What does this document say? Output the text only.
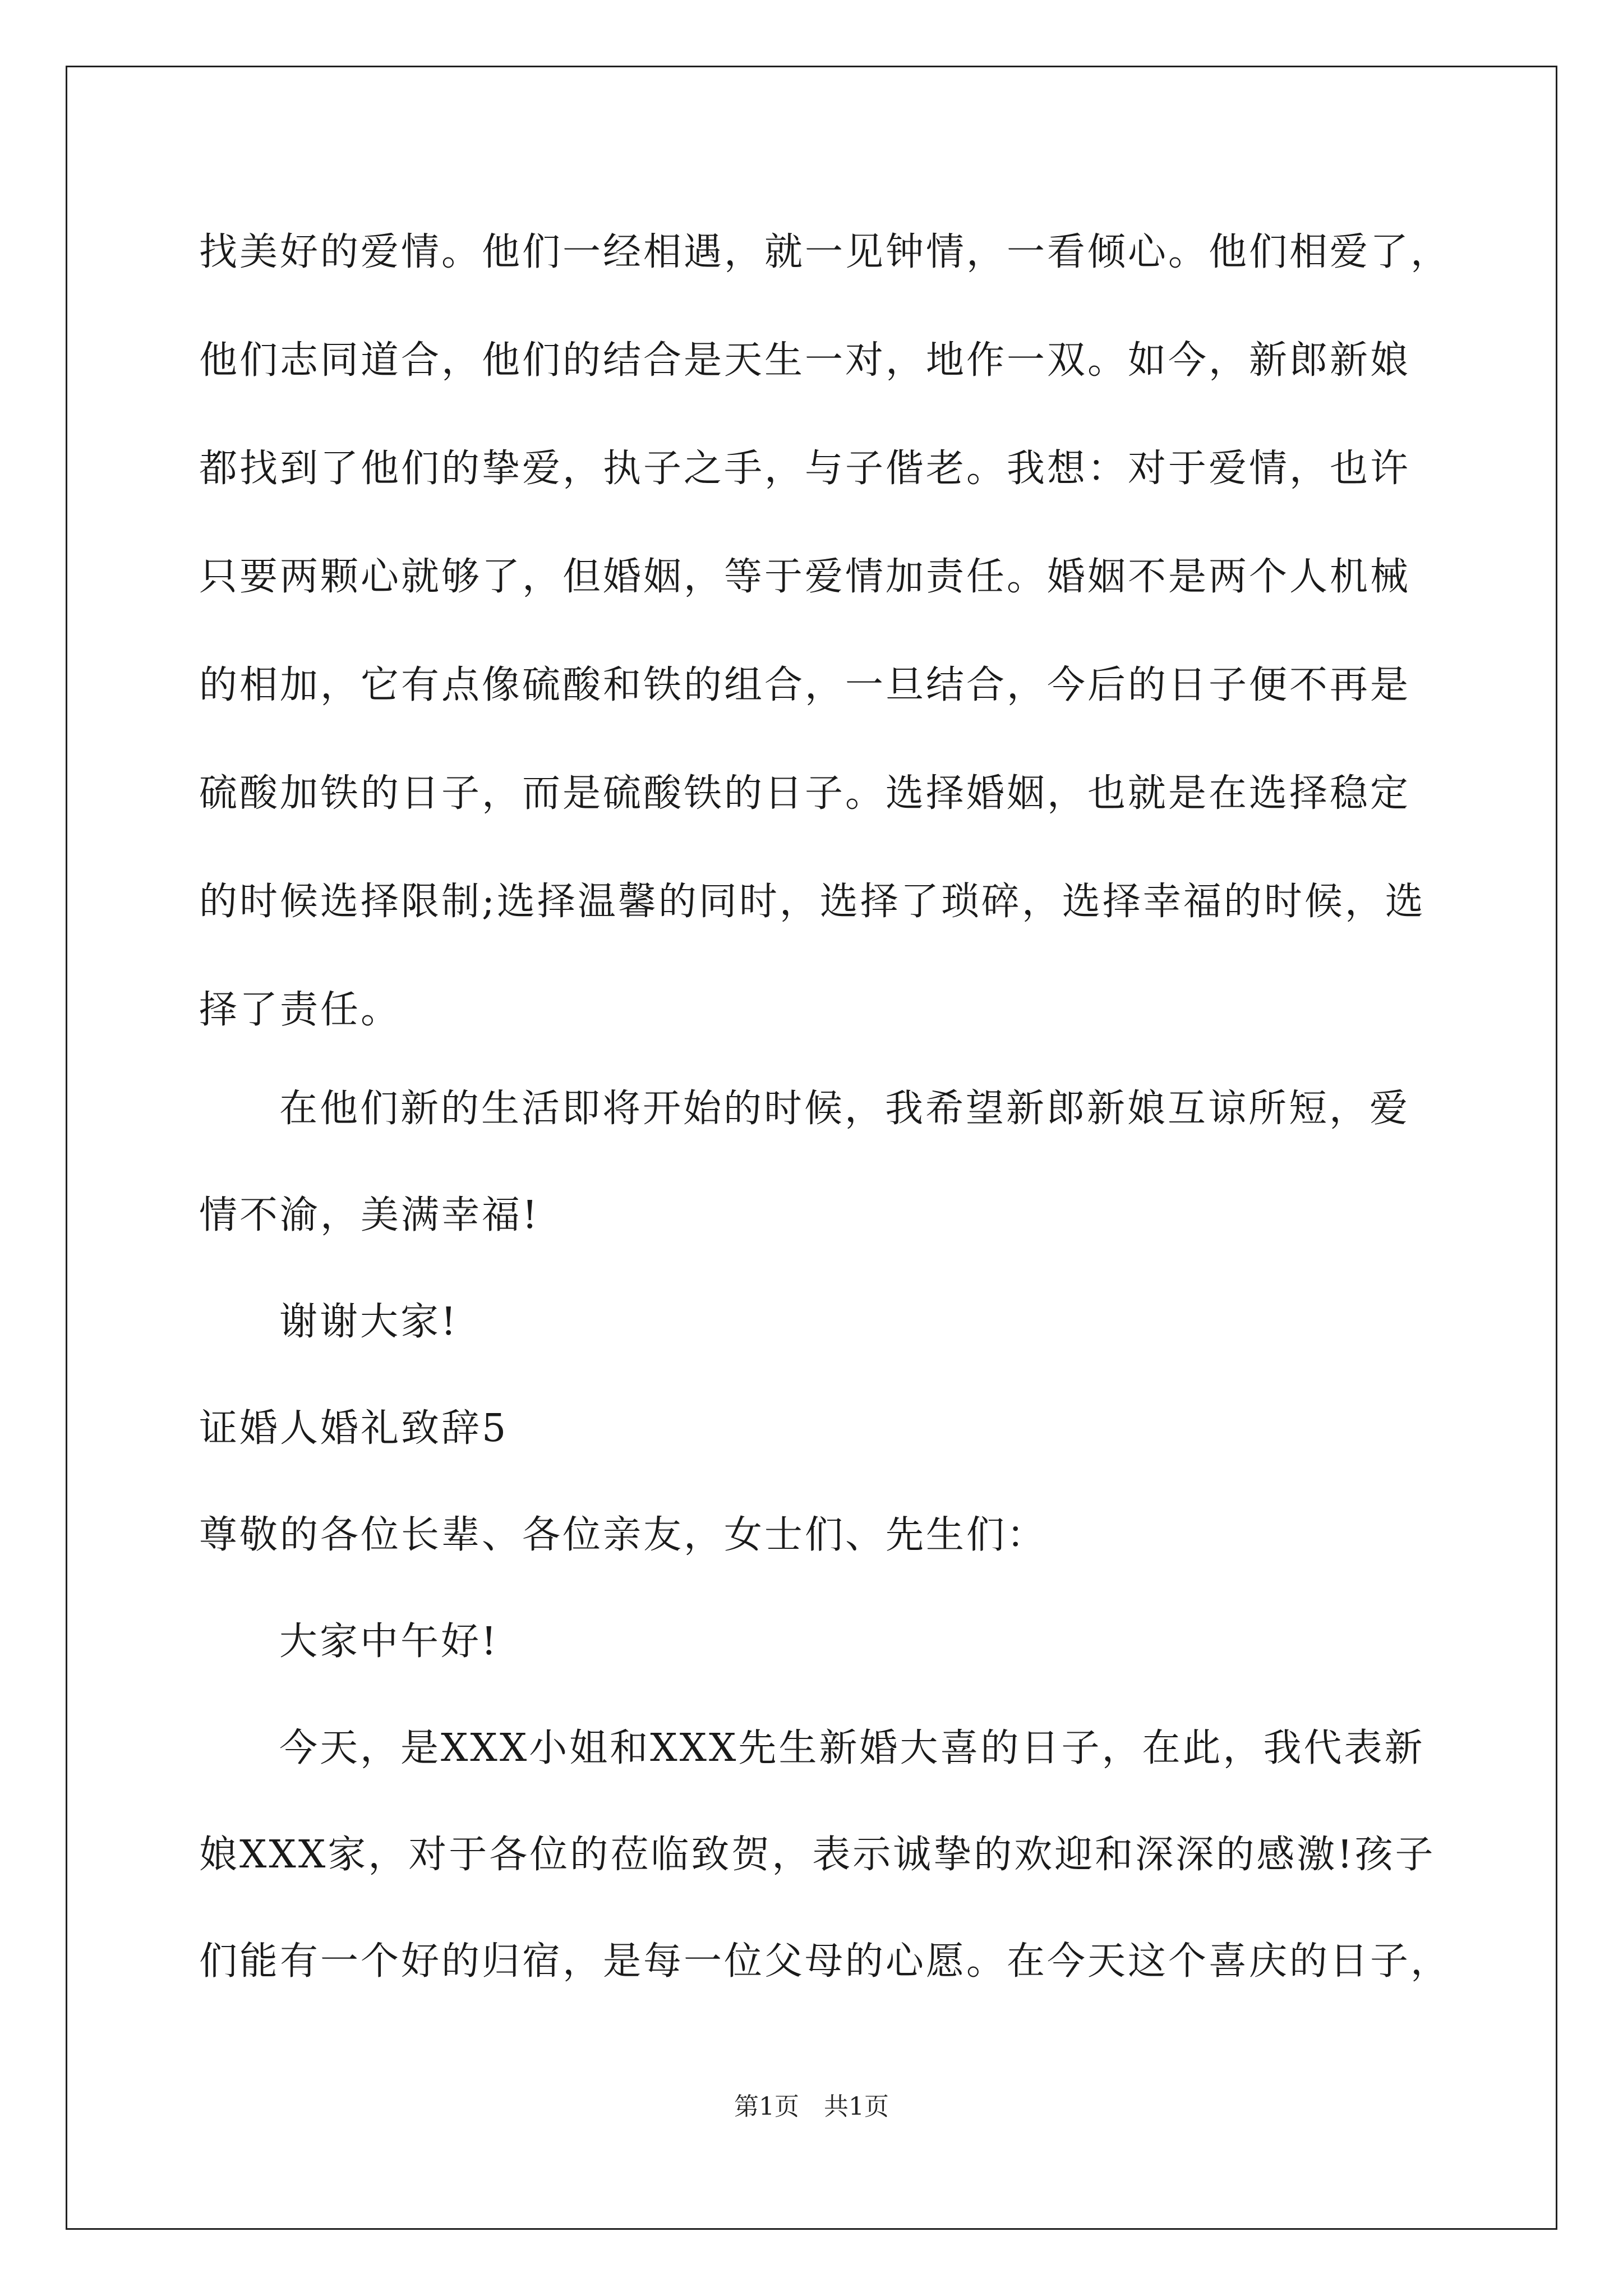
找美好的爱情。他们一经相遇，就一见钟情，一看倾心。他们相爱了，
他们志同道合，他们的结合是天生一对，地作一双。如今，新郎新娘
都找到了他们的挚爱，执子之手，与子偕老。我想：对于爱情，也许
只要两颗心就够了，但婚姻，等于爱情加责任。婚姻不是两个人机械
的相加，它有点像硫酸和铁的组合，一旦结合，今后的日子便不再是
硫酸加铁的日子，而是硫酸铁的日子。选择婚姻，也就是在选择稳定
的时候选择限制;选择温馨的同时，选择了琐碎，选择幸福的时候，选
择了责任。
在他们新的生活即将开始的时候，我希望新郎新娘互谅所短，爱
情不渝，美满幸福!
谢谢大家!
证婚人婚礼致辞5
尊敬的各位长辈、各位亲友，女士们、先生们：
大家中午好!
今天，是XXX小姐和XXX先生新婚大喜的日子，在此，我代表新
娘XXX家，对于各位的莅临致贺，表示诚挚的欢迎和深深的感激!孩子
们能有一个好的归宿，是每一位父母的心愿。在今天这个喜庆的日子，
第1页　共1页
